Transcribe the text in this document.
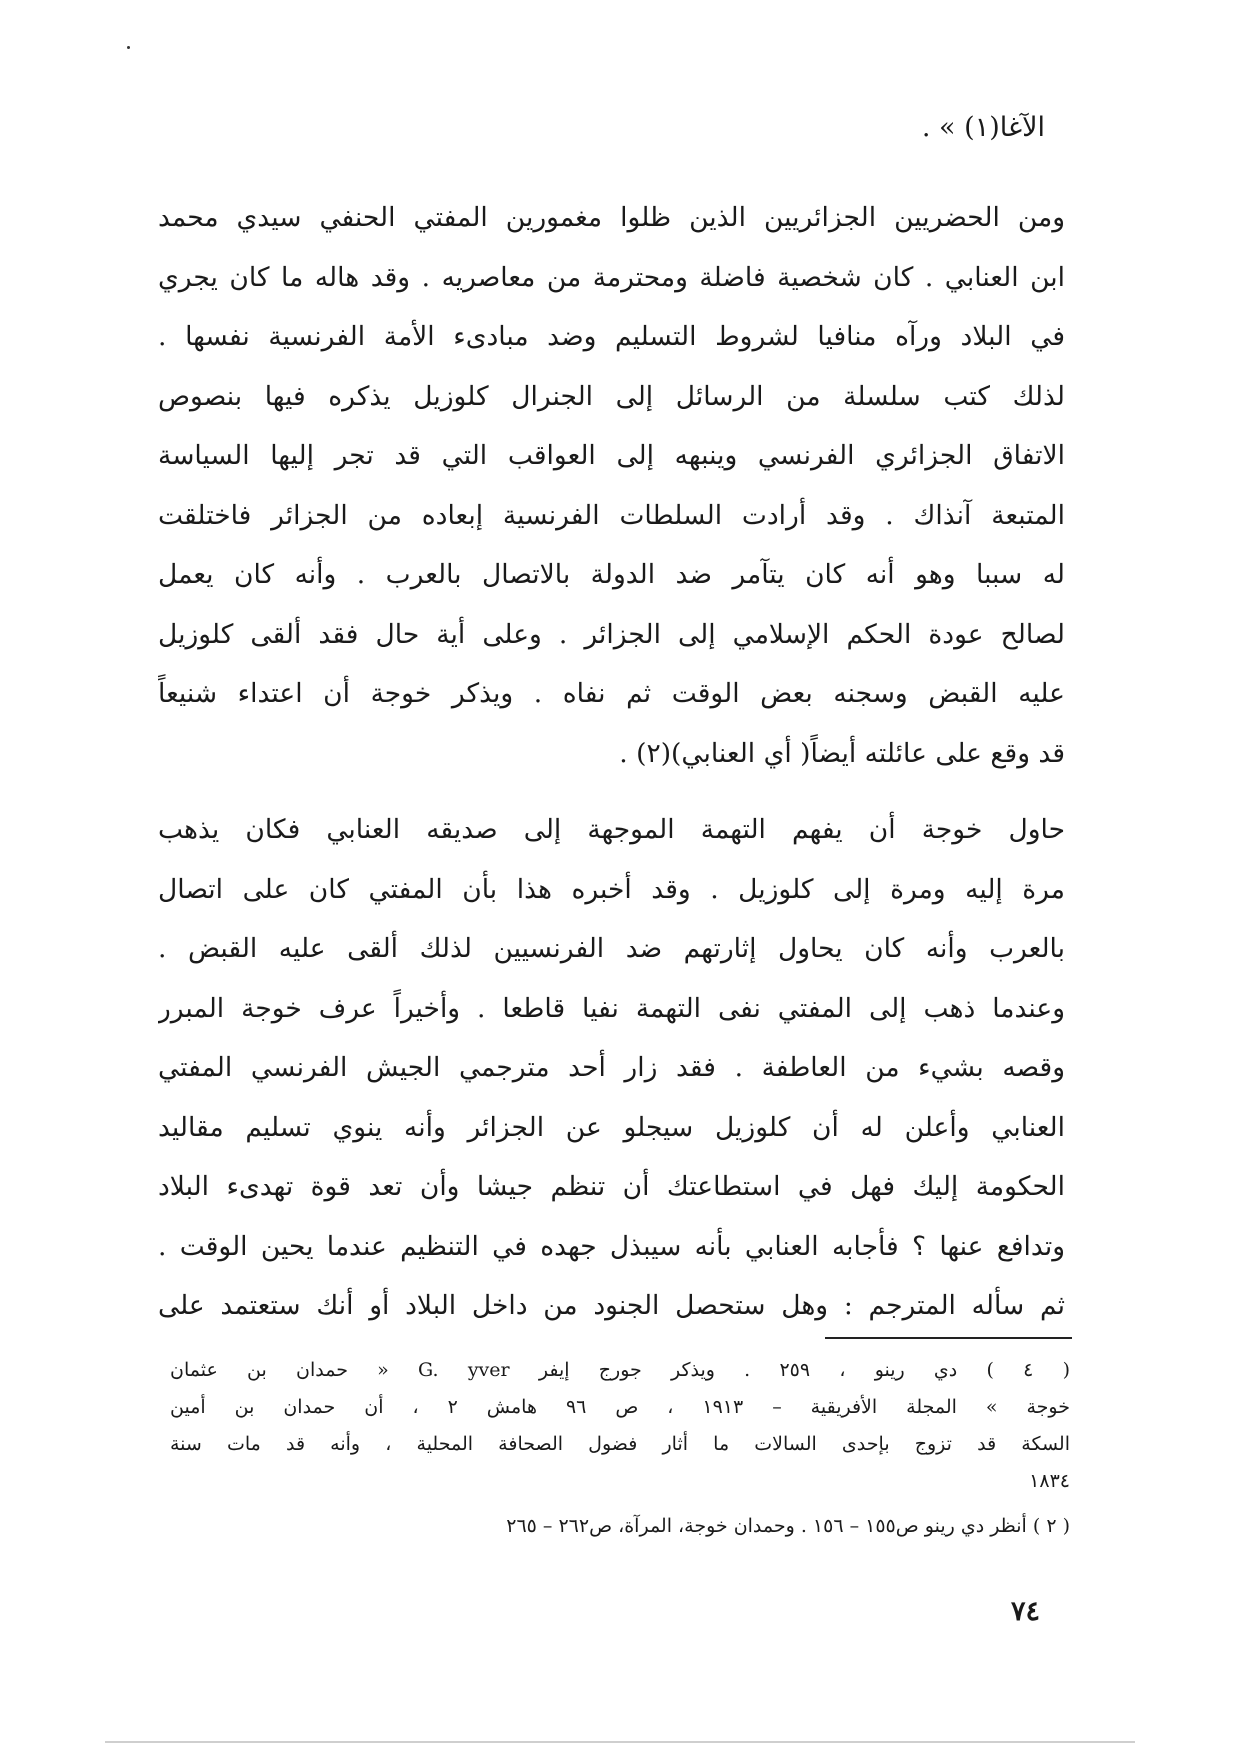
الآغا(١) » .
ومن الحضريين الجزائريين الذين ظلوا مغمورين المفتي الحنفي سيدي محمد
ابن العنابي . كان شخصية فاضلة ومحترمة من معاصريه . وقد هاله ما كان يجري
في البلاد ورآه منافيا لشروط التسليم وضد مبادىء الأمة الفرنسية نفسها .
لذلك كتب سلسلة من الرسائل إلى الجنرال كلوزيل يذكره فيها بنصوص
الاتفاق الجزائري الفرنسي وينبهه إلى العواقب التي قد تجر إليها السياسة
المتبعة آنذاك . وقد أرادت السلطات الفرنسية إبعاده من الجزائر فاختلقت
له سببا وهو أنه كان يتآمر ضد الدولة بالاتصال بالعرب . وأنه كان يعمل
لصالح عودة الحكم الإسلامي إلى الجزائر . وعلى أية حال فقد ألقى كلوزيل
عليه القبض وسجنه بعض الوقت ثم نفاه . ويذكر خوجة أن اعتداء شنيعاً
قد وقع على عائلته أيضاً( أي العنابي)(٢) .
حاول خوجة أن يفهم التهمة الموجهة إلى صديقه العنابي فكان يذهب
مرة إليه ومرة إلى كلوزيل . وقد أخبره هذا بأن المفتي كان على اتصال
بالعرب وأنه كان يحاول إثارتهم ضد الفرنسيين لذلك ألقى عليه القبض .
وعندما ذهب إلى المفتي نفى التهمة نفيا قاطعا . وأخيراً عرف خوجة المبرر
وقصه بشيء من العاطفة . فقد زار أحد مترجمي الجيش الفرنسي المفتي
العنابي وأعلن له أن كلوزيل سيجلو عن الجزائر وأنه ينوي تسليم مقاليد
الحكومة إليك فهل في استطاعتك أن تنظم جيشا وأن تعد قوة تهدىء البلاد
وتدافع عنها ؟ فأجابه العنابي بأنه سيبذل جهده في التنظيم عندما يحين الوقت .
ثم سأله المترجم : وهل ستحصل الجنود من داخل البلاد أو أنك ستعتمد على
( ٤ ) دي رينو ، ٢٥٩ . ويذكر جورج إيفر G. yver « حمدان بن عثمان
خوجة » المجلة الأفريقية – ١٩١٣ ، ص ٩٦ هامش ٢ ، أن حمدان بن أمين
السكة قد تزوج بإحدى السالات ما أثار فضول الصحافة المحلية ، وأنه قد مات سنة
١٨٣٤
( ٢ ) أنظر دي رينو ص١٥٥ – ١٥٦ . وحمدان خوجة، المرآة، ص٢٦٢ – ٢٦٥
٧٤
